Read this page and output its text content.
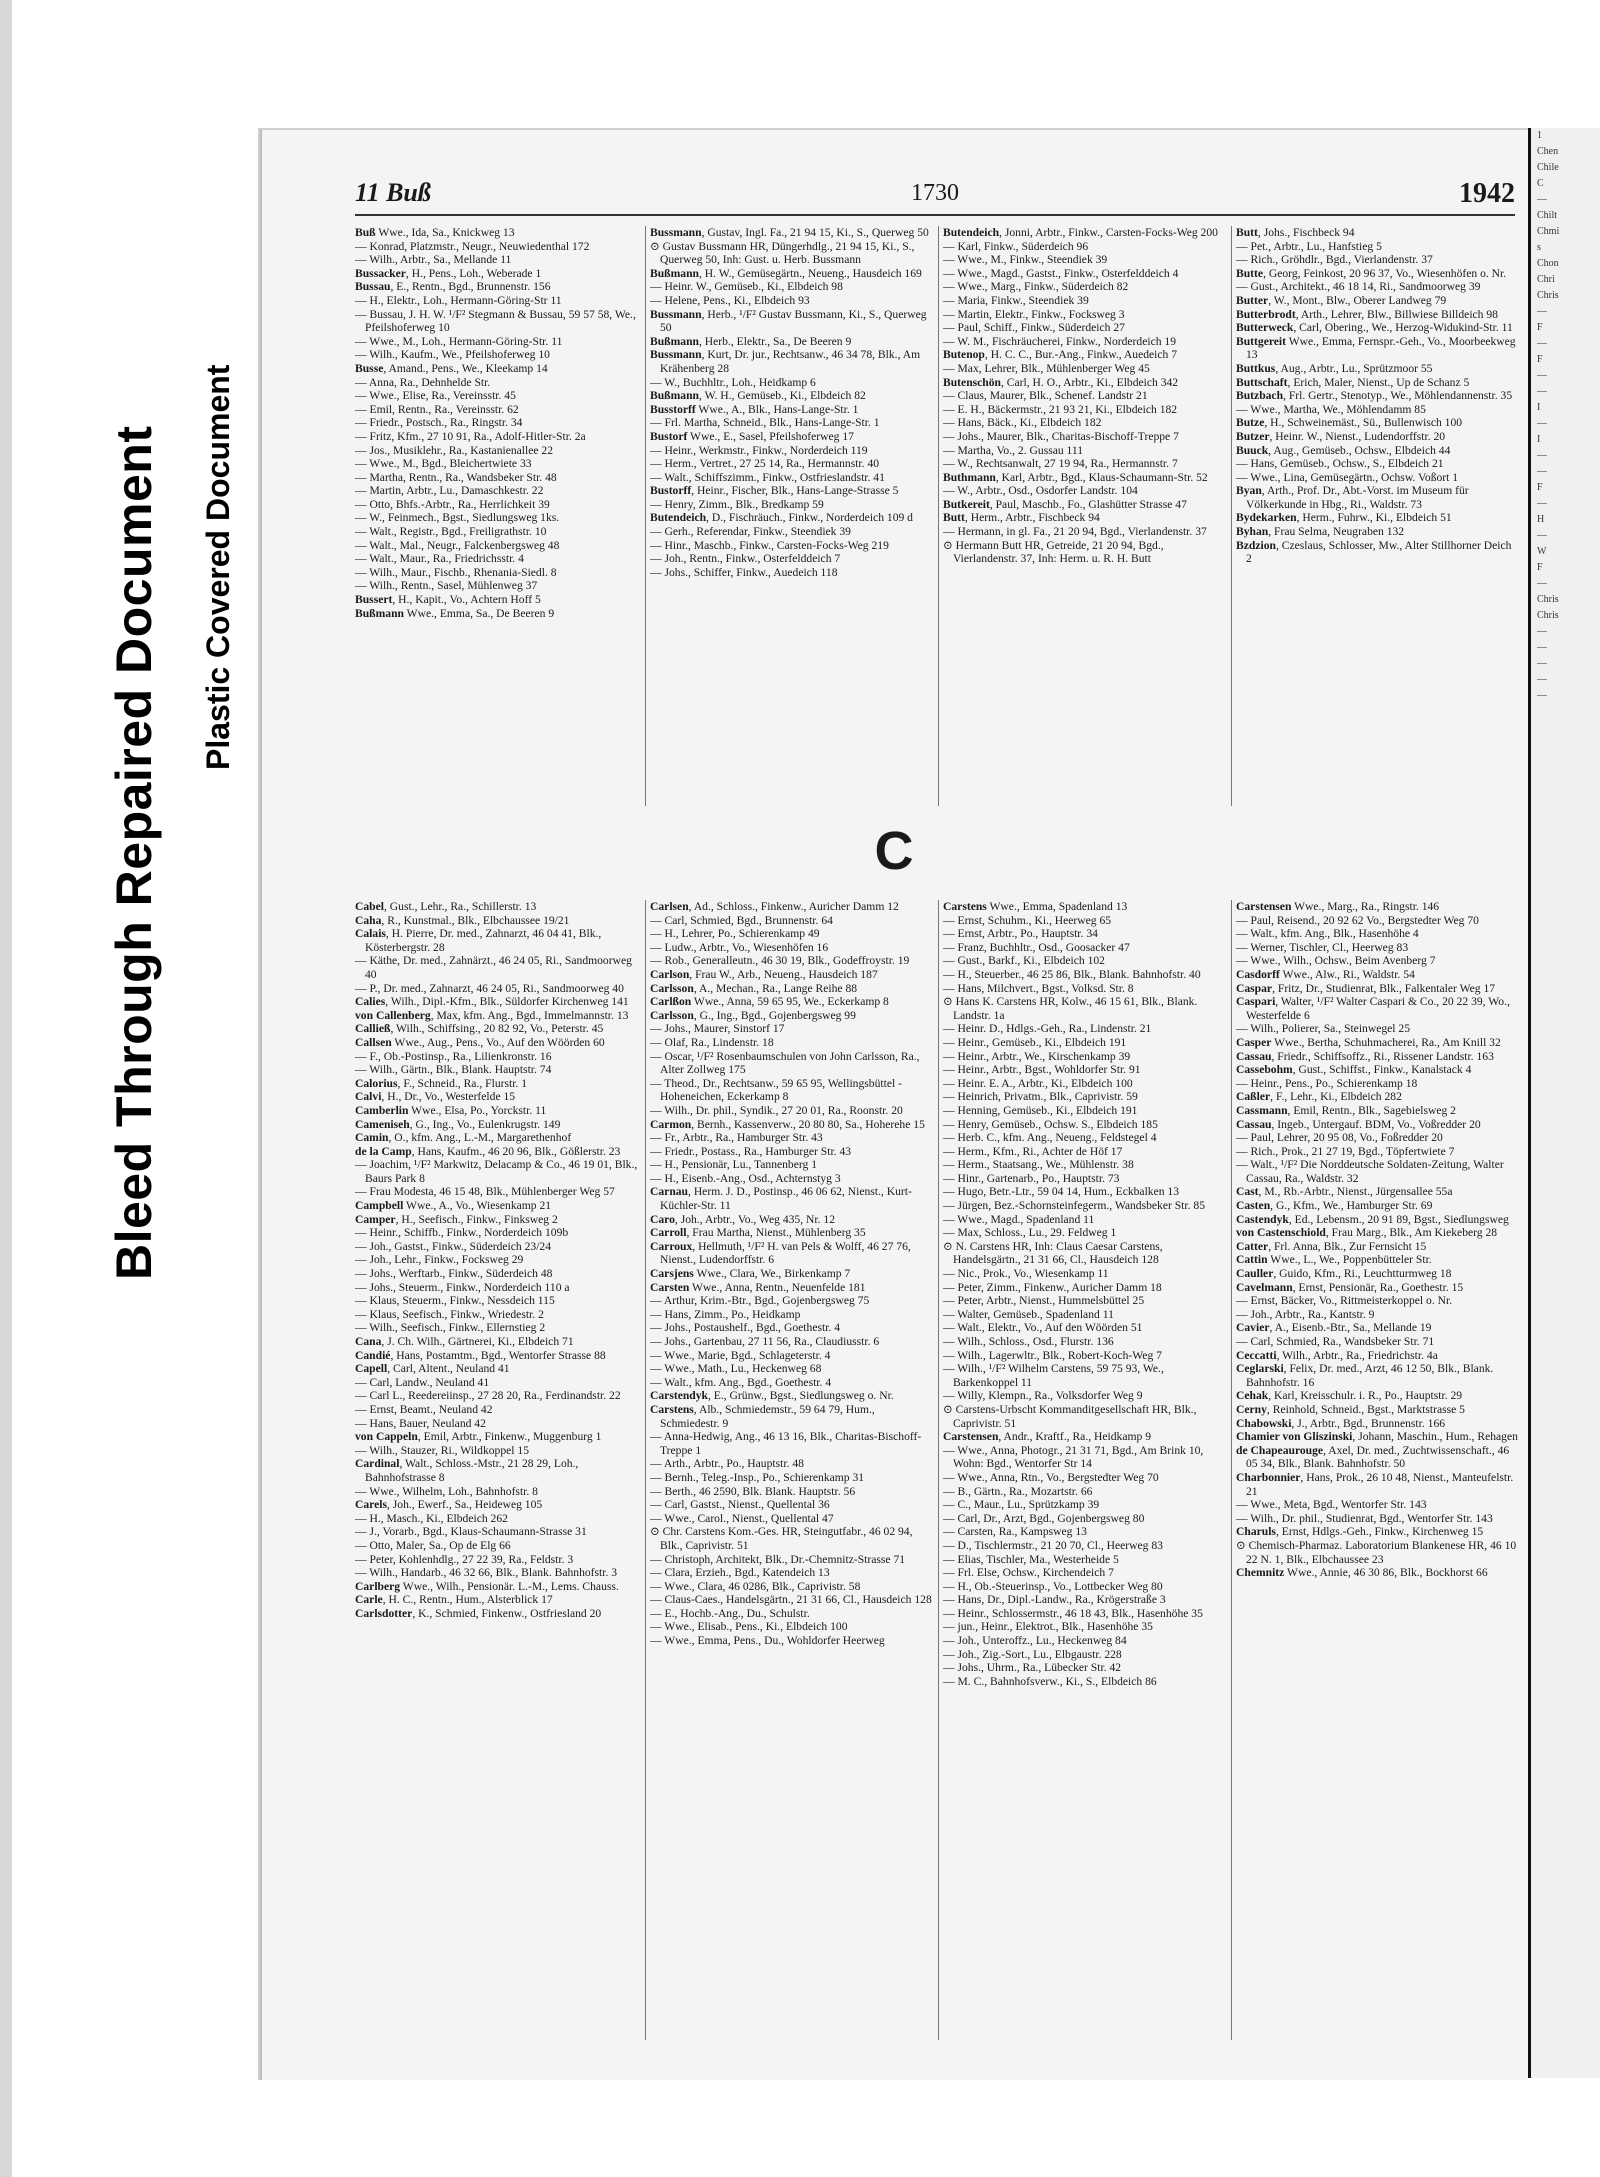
Bleed Through Repaired Document Plastic Covered Document
11 Buß	1730	1942

Buß Wwe., Ida, Sa., Knickweg 13

— Konrad, Platzmstr., Neugr., Neuwiedenthal 172

— Wilh., Arbtr., Sa., Mellande 11

Bussacker, H., Pens., Loh., Weberade 1

Bussau, E., Rentn., Bgd., Brunnenstr. 156

— H., Elektr., Loh., Hermann-Göring-Str 11

— Bussau, J. H. W. ¹/F² Stegmann & Bussau, 59 57 58, We., Pfeilshoferweg 10

— Wwe., M., Loh., Hermann-Göring-Str. 11

— Wilh., Kaufm., We., Pfeilshoferweg 10

Busse, Amand., Pens., We., Kleekamp 14

— Anna, Ra., Dehnhelde Str.

— Wwe., Elise, Ra., Vereinsstr. 45

— Emil, Rentn., Ra., Vereinsstr. 62

— Friedr., Postsch., Ra., Ringstr. 34

— Fritz, Kfm., 27 10 91, Ra., Adolf-Hitler-Str. 2a

— Jos., Musiklehr., Ra., Kastanienallee 22

— Wwe., M., Bgd., Bleichertwiete 33

— Martha, Rentn., Ra., Wandsbeker Str. 48

— Martin, Arbtr., Lu., Damaschkestr. 22

— Otto, Bhfs.-Arbtr., Ra., Herrlichkeit 39

— W., Feinmech., Bgst., Siedlungsweg 1ks.

— Walt., Registr., Bgd., Freiligrathstr. 10

— Walt., Mal., Neugr., Falckenbergsweg 48

— Walt., Maur., Ra., Friedrichsstr. 4

— Wilh., Maur., Fischb., Rhenania-Siedl. 8

— Wilh., Rentn., Sasel, Mühlenweg 37

Bussert, H., Kapit., Vo., Achtern Hoff 5

Bußmann Wwe., Emma, Sa., De Beeren 9

Bussmann, Gustav, Ingl. Fa., 21 94 15, Ki., S., Querweg 50

⊙ Gustav Bussmann HR, Düngerhdlg., 21 94 15, Ki., S., Querweg 50, Inh: Gust. u. Herb. Bussmann

Bußmann, H. W., Gemüsegärtn., Neueng., Hausdeich 169

— Heinr. W., Gemüseb., Ki., Elbdeich 98

— Helene, Pens., Ki., Elbdeich 93

Bussmann, Herb., ¹/F² Gustav Bussmann, Ki., S., Querweg 50

Bußmann, Herb., Elektr., Sa., De Beeren 9

Bussmann, Kurt, Dr. jur., Rechtsanw., 46 34 78, Blk., Am Krähenberg 28

— W., Buchhltr., Loh., Heidkamp 6

Bußmann, W. H., Gemüseb., Ki., Elbdeich 82

Busstorff Wwe., A., Blk., Hans-Lange-Str. 1

— Frl. Martha, Schneid., Blk., Hans-Lange-Str. 1

Bustorf Wwe., E., Sasel, Pfeilshoferweg 17

— Heinr., Werkmstr., Finkw., Norderdeich 119

— Herm., Vertret., 27 25 14, Ra., Hermannstr. 40

— Walt., Schiffszimm., Finkw., Ostfrieslandstr. 41

Bustorff, Heinr., Fischer, Blk., Hans-Lange-Strasse 5

— Henry, Zimm., Blk., Bredkamp 59

Butendeich, D., Fischräuch., Finkw., Norderdeich 109 d

— Gerh., Referendar, Finkw., Steendiek 39

— Hinr., Maschb., Finkw., Carsten-Focks-Weg 219

— Joh., Rentn., Finkw., Osterfelddeich 7

— Johs., Schiffer, Finkw., Auedeich 118

Butendeich, Jonni, Arbtr., Finkw., Carsten-Focks-Weg 200

— Karl, Finkw., Süderdeich 96

— Wwe., M., Finkw., Steendiek 39

— Wwe., Magd., Gastst., Finkw., Osterfelddeich 4

— Wwe., Marg., Finkw., Süderdeich 82

— Maria, Finkw., Steendiek 39

— Martin, Elektr., Finkw., Focksweg 3

— Paul, Schiff., Finkw., Süderdeich 27

— W. M., Fischräucherei, Finkw., Norderdeich 19

Butenop, H. C. C., Bur.-Ang., Finkw., Auedeich 7

— Max, Lehrer, Blk., Mühlenberger Weg 45

Butenschön, Carl, H. O., Arbtr., Ki., Elbdeich 342

— Claus, Maurer, Blk., Schenef. Landstr 21

— E. H., Bäckermstr., 21 93 21, Ki., Elbdeich 182

— Hans, Bäck., Ki., Elbdeich 182

— Johs., Maurer, Blk., Charitas-Bischoff-Treppe 7

— Martha, Vo., 2. Gussau 111

— W., Rechtsanwalt, 27 19 94, Ra., Hermannstr. 7

Buthmann, Karl, Arbtr., Bgd., Klaus-Schaumann-Str. 52

— W., Arbtr., Osd., Osdorfer Landstr. 104

Butkereit, Paul, Maschb., Fo., Glashütter Strasse 47

Butt, Herm., Arbtr., Fischbeck 94

— Hermann, in gl. Fa., 21 20 94, Bgd., Vierlandenstr. 37

⊙ Hermann Butt HR, Getreide, 21 20 94, Bgd., Vierlandenstr. 37, Inh: Herm. u. R. H. Butt

Butt, Johs., Fischbeck 94

— Pet., Arbtr., Lu., Hanfstieg 5

— Rich., Gröhdlr., Bgd., Vierlandenstr. 37

Butte, Georg, Feinkost, 20 96 37, Vo., Wiesenhöfen o. Nr.

— Gust., Architekt., 46 18 14, Ri., Sandmoorweg 39

Butter, W., Mont., Blw., Oberer Landweg 79

Butterbrodt, Arth., Lehrer, Blw., Billwiese Billdeich 98

Butterweck, Carl, Obering., We., Herzog-Widukind-Str. 11

Buttgereit Wwe., Emma, Fernspr.-Geh., Vo., Moorbeekweg 13

Buttkus, Aug., Arbtr., Lu., Sprützmoor 55

Buttschaft, Erich, Maler, Nienst., Up de Schanz 5

Butzbach, Frl. Gertr., Stenotyp., We., Möhlendannenstr. 35

— Wwe., Martha, We., Möhlendamm 85

Butze, H., Schweinemäst., Sü., Bullenwisch 100

Butzer, Heinr. W., Nienst., Ludendorffstr. 20

Buuck, Aug., Gemüseb., Ochsw., Elbdeich 44

— Hans, Gemüseb., Ochsw., S., Elbdeich 21

— Wwe., Lina, Gemüsegärtn., Ochsw. Voßort 1

Byan, Arth., Prof. Dr., Abt.-Vorst. im Museum für Völkerkunde in Hbg., Ri., Waldstr. 73

Bydekarken, Herm., Fuhrw., Ki., Elbdeich 51

Byhan, Frau Selma, Neugraben 132

Bzdzion, Czeslaus, Schlosser, Mw., Alter Stillhorner Deich 2

C

Cabel, Gust., Lehr., Ra., Schillerstr. 13

Caha, R., Kunstmal., Blk., Elbchaussee 19/21

Calais, H. Pierre, Dr. med., Zahnarzt, 46 04 41, Blk., Kösterbergstr. 28

— Käthe, Dr. med., Zahnärzt., 46 24 05, Ri., Sandmoorweg 40

— P., Dr. med., Zahnarzt, 46 24 05, Ri., Sandmoorweg 40

Calies, Wilh., Dipl.-Kfm., Blk., Süldorfer Kirchenweg 141

von Callenberg, Max, kfm. Ang., Bgd., Immelmannstr. 13

Calließ, Wilh., Schiffsing., 20 82 92, Vo., Peterstr. 45

Callsen Wwe., Aug., Pens., Vo., Auf den Wöörden 60

— F., Ob.-Postinsp., Ra., Lilienkronstr. 16

— Wilh., Gärtn., Blk., Blank. Hauptstr. 74

Calorius, F., Schneid., Ra., Flurstr. 1

Calvi, H., Dr., Vo., Westerfelde 15

Camberlin Wwe., Elsa, Po., Yorckstr. 11

Cameniseh, G., Ing., Vo., Eulenkrugstr. 149

Camin, O., kfm. Ang., L.-M., Margarethenhof

de la Camp, Hans, Kaufm., 46 20 96, Blk., Gößlerstr. 23

— Joachim, ¹/F² Markwitz, Delacamp & Co., 46 19 01, Blk., Baurs Park 8

— Frau Modesta, 46 15 48, Blk., Mühlenberger Weg 57

Campbell Wwe., A., Vo., Wiesenkamp 21

Camper, H., Seefisch., Finkw., Finksweg 2

— Heinr., Schiffb., Finkw., Norderdeich 109b

— Joh., Gastst., Finkw., Süderdeich 23/24

— Joh., Lehr., Finkw., Focksweg 29

— Johs., Werftarb., Finkw., Süderdeich 48

— Johs., Steuerm., Finkw., Norderdeich 110 a

— Klaus, Steuerm., Finkw., Nessdeich 115

— Klaus, Seefisch., Finkw., Wriedestr. 2

— Wilh., Seefisch., Finkw., Ellernstieg 2

Cana, J. Ch. Wilh., Gärtnerei, Ki., Elbdeich 71

Candié, Hans, Postamtm., Bgd., Wentorfer Strasse 88

Capell, Carl, Altent., Neuland 41

— Carl, Landw., Neuland 41

— Carl L., Reedereiinsp., 27 28 20, Ra., Ferdinandstr. 22

— Ernst, Beamt., Neuland 42

— Hans, Bauer, Neuland 42

von Cappeln, Emil, Arbtr., Finkenw., Muggenburg 1

— Wilh., Stauzer, Ri., Wildkoppel 15

Cardinal, Walt., Schloss.-Mstr., 21 28 29, Loh., Bahnhofstrasse 8

— Wwe., Wilhelm, Loh., Bahnhofstr. 8

Carels, Joh., Ewerf., Sa., Heideweg 105

— H., Masch., Ki., Elbdeich 262

— J., Vorarb., Bgd., Klaus-Schaumann-Strasse 31

— Otto, Maler, Sa., Op de Elg 66

— Peter, Kohlenhdlg., 27 22 39, Ra., Feldstr. 3

— Wilh., Handarb., 46 32 66, Blk., Blank. Bahnhofstr. 3

Carlberg Wwe., Wilh., Pensionär. L.-M., Lems. Chauss.

Carle, H. C., Rentn., Hum., Alsterblick 17

Carlsdotter, K., Schmied, Finkenw., Ostfriesland 20

Carlsen, Ad., Schloss., Finkenw., Auricher Damm 12

— Carl, Schmied, Bgd., Brunnenstr. 64

— H., Lehrer, Po., Schierenkamp 49

— Ludw., Arbtr., Vo., Wiesenhöfen 16

— Rob., Generalleutn., 46 30 19, Blk., Godeffroystr. 19

Carlson, Frau W., Arb., Neueng., Hausdeich 187

Carlsson, A., Mechan., Ra., Lange Reihe 88

Carlßon Wwe., Anna, 59 65 95, We., Eckerkamp 8

Carlsson, G., Ing., Bgd., Gojenbergsweg 99

— Johs., Maurer, Sinstorf 17

— Olaf, Ra., Lindenstr. 18

— Oscar, ¹/F² Rosenbaumschulen von John Carlsson, Ra., Alter Zollweg 175

— Theod., Dr., Rechtsanw., 59 65 95, Wellingsbüttel - Hoheneichen, Eckerkamp 8

— Wilh., Dr. phil., Syndik., 27 20 01, Ra., Roonstr. 20

Carmon, Bernh., Kassenverw., 20 80 80, Sa., Hoherehe 15

— Fr., Arbtr., Ra., Hamburger Str. 43

— Friedr., Postass., Ra., Hamburger Str. 43

— H., Pensionär, Lu., Tannenberg 1

— H., Eisenb.-Ang., Osd., Achternstyg 3

Carnau, Herm. J. D., Postinsp., 46 06 62, Nienst., Kurt-Küchler-Str. 11

Caro, Joh., Arbtr., Vo., Weg 435, Nr. 12

Carroll, Frau Martha, Nienst., Mühlenberg 35

Carroux, Hellmuth, ¹/F² H. van Pels & Wolff, 46 27 76, Nienst., Ludendorffstr. 6

Carsjens Wwe., Clara, We., Birkenkamp 7

Carsten Wwe., Anna, Rentn., Neuenfelde 181

— Arthur, Krim.-Btr., Bgd., Gojenbergsweg 75

— Hans, Zimm., Po., Heidkamp

— Johs., Postaushelf., Bgd., Goethestr. 4

— Johs., Gartenbau, 27 11 56, Ra., Claudiusstr. 6

— Wwe., Marie, Bgd., Schlageterstr. 4

— Wwe., Math., Lu., Heckenweg 68

— Walt., kfm. Ang., Bgd., Goethestr. 4

Carstendyk, E., Grünw., Bgst., Siedlungsweg o. Nr.

Carstens, Alb., Schmiedemstr., 59 64 79, Hum., Schmiedestr. 9

— Anna-Hedwig, Ang., 46 13 16, Blk., Charitas-Bischoff-Treppe 1

— Arth., Arbtr., Po., Hauptstr. 48

— Bernh., Teleg.-Insp., Po., Schierenkamp 31

— Berth., 46 2590, Blk. Blank. Hauptstr. 56

— Carl, Gastst., Nienst., Quellental 36

— Wwe., Carol., Nienst., Quellental 47

⊙ Chr. Carstens Kom.-Ges. HR, Steingutfabr., 46 02 94, Blk., Caprivistr. 51

— Christoph, Architekt, Blk., Dr.-Chemnitz-Strasse 71

— Clara, Erzieh., Bgd., Katendeich 13

— Wwe., Clara, 46 0286, Blk., Caprivistr. 58

— Claus-Caes., Handelsgärtn., 21 31 66, Cl., Hausdeich 128

— E., Hochb.-Ang., Du., Schulstr.

— Wwe., Elisab., Pens., Ki., Elbdeich 100

— Wwe., Emma, Pens., Du., Wohldorfer Heerweg

Carstens Wwe., Emma, Spadenland 13

— Ernst, Schuhm., Ki., Heerweg 65

— Ernst, Arbtr., Po., Hauptstr. 34

— Franz, Buchhltr., Osd., Goosacker 47

— Gust., Barkf., Ki., Elbdeich 102

— H., Steuerber., 46 25 86, Blk., Blank. Bahnhofstr. 40

— Hans, Milchvert., Bgst., Volksd. Str. 8

⊙ Hans K. Carstens HR, Kolw., 46 15 61, Blk., Blank. Landstr. 1a

— Heinr. D., Hdlgs.-Geh., Ra., Lindenstr. 21

— Heinr., Gemüseb., Ki., Elbdeich 191

— Heinr., Arbtr., We., Kirschenkamp 39

— Heinr., Arbtr., Bgst., Wohldorfer Str. 91

— Heinr. E. A., Arbtr., Ki., Elbdeich 100

— Heinrich, Privatm., Blk., Caprivistr. 59

— Henning, Gemüseb., Ki., Elbdeich 191

— Henry, Gemüseb., Ochsw. S., Elbdeich 185

— Herb. C., kfm. Ang., Neueng., Feldstegel 4

— Herm., Kfm., Ri., Achter de Höf 17

— Herm., Staatsang., We., Mühlenstr. 38

— Hinr., Gartenarb., Po., Hauptstr. 73

— Hugo, Betr.-Ltr., 59 04 14, Hum., Eckbalken 13

— Jürgen, Bez.-Schornsteinfegerm., Wandsbeker Str. 85

— Wwe., Magd., Spadenland 11

— Max, Schloss., Lu., 29. Feldweg 1

⊙ N. Carstens HR, Inh: Claus Caesar Carstens, Handelsgärtn., 21 31 66, Cl., Hausdeich 128

— Nic., Prok., Vo., Wiesenkamp 11

— Peter, Zimm., Finkenw., Auricher Damm 18

— Peter, Arbtr., Nienst., Hummelsbüttel 25

— Walter, Gemüseb., Spadenland 11

— Walt., Elektr., Vo., Auf den Wöörden 51

— Wilh., Schloss., Osd., Flurstr. 136

— Wilh., Lagerwltr., Blk., Robert-Koch-Weg 7

— Wilh., ¹/F² Wilhelm Carstens, 59 75 93, We., Barkenkoppel 11

— Willy, Klempn., Ra., Volksdorfer Weg 9

⊙ Carstens-Urbscht Kommanditgesellschaft HR, Blk., Caprivistr. 51

Carstensen, Andr., Kraftf., Ra., Heidkamp 9

— Wwe., Anna, Photogr., 21 31 71, Bgd., Am Brink 10, Wohn: Bgd., Wentorfer Str 14

— Wwe., Anna, Rtn., Vo., Bergstedter Weg 70

— B., Gärtn., Ra., Mozartstr. 66

— C., Maur., Lu., Sprützkamp 39

— Carl, Dr., Arzt, Bgd., Gojenbergsweg 80

— Carsten, Ra., Kampsweg 13

— D., Tischlermstr., 21 20 70, Cl., Heerweg 83

— Elias, Tischler, Ma., Westerheide 5

— Frl. Else, Ochsw., Kirchendeich 7

— H., Ob.-Steuerinsp., Vo., Lottbecker Weg 80

— Hans, Dr., Dipl.-Landw., Ra., Krögerstraße 3

— Heinr., Schlossermstr., 46 18 43, Blk., Hasenhöhe 35

— jun., Heinr., Elektrot., Blk., Hasenhöhe 35

— Joh., Unteroffz., Lu., Heckenweg 84

— Joh., Zig.-Sort., Lu., Elbgaustr. 228

— Johs., Uhrm., Ra., Lübecker Str. 42

— M. C., Bahnhofsverw., Ki., S., Elbdeich 86

Carstensen Wwe., Marg., Ra., Ringstr. 146

— Paul, Reisend., 20 92 62 Vo., Bergstedter Weg 70

— Walt., kfm. Ang., Blk., Hasenhöhe 4

— Werner, Tischler, Cl., Heerweg 83

— Wwe., Wilh., Ochsw., Beim Avenberg 7

Casdorff Wwe., Alw., Ri., Waldstr. 54

Caspar, Fritz, Dr., Studienrat, Blk., Falkentaler Weg 17

Caspari, Walter, ¹/F² Walter Caspari & Co., 20 22 39, Wo., Westerfelde 6

— Wilh., Polierer, Sa., Steinwegel 25

Casper Wwe., Bertha, Schuhmacherei, Ra., Am Knill 32

Cassau, Friedr., Schiffsoffz., Ri., Rissener Landstr. 163

Cassebohm, Gust., Schiffst., Finkw., Kanalstack 4

— Heinr., Pens., Po., Schierenkamp 18

Caßler, F., Lehr., Ki., Elbdeich 282

Cassmann, Emil, Rentn., Blk., Sagebielsweg 2

Cassau, Ingeb., Untergauf. BDM, Vo., Voßredder 20

— Paul, Lehrer, 20 95 08, Vo., Foßredder 20

— Rich., Prok., 21 27 19, Bgd., Töpfertwiete 7

— Walt., ¹/F² Die Norddeutsche Soldaten-Zeitung, Walter Cassau, Ra., Waldstr. 32

Cast, M., Rb.-Arbtr., Nienst., Jürgensallee 55a

Casten, G., Kfm., We., Hamburger Str. 69

Castendyk, Ed., Lebensm., 20 91 89, Bgst., Siedlungsweg

von Castenschiold, Frau Marg., Blk., Am Kiekeberg 28

Catter, Frl. Anna, Blk., Zur Fernsicht 15

Cattin Wwe., L., We., Poppenbütteler Str.

Cauller, Guido, Kfm., Ri., Leuchtturmweg 18

Cavelmann, Ernst, Pensionär, Ra., Goethestr. 15

— Ernst, Bäcker, Vo., Rittmeisterkoppel o. Nr.

— Joh., Arbtr., Ra., Kantstr. 9

Cavier, A., Eisenb.-Btr., Sa., Mellande 19

— Carl, Schmied, Ra., Wandsbeker Str. 71

Ceccatti, Wilh., Arbtr., Ra., Friedrichstr. 4a

Ceglarski, Felix, Dr. med., Arzt, 46 12 50, Blk., Blank. Bahnhofstr. 16

Cehak, Karl, Kreisschulr. i. R., Po., Hauptstr. 29

Cerny, Reinhold, Schneid., Bgst., Marktstrasse 5

Chabowski, J., Arbtr., Bgd., Brunnenstr. 166

Chamier von Gliszinski, Johann, Maschin., Hum., Rehagen

de Chapeaurouge, Axel, Dr. med., Zuchtwissenschaft., 46 05 34, Blk., Blank. Bahnhofstr. 50

Charbonnier, Hans, Prok., 26 10 48, Nienst., Manteufelstr. 21

— Wwe., Meta, Bgd., Wentorfer Str. 143

— Wilh., Dr. phil., Studienrat, Bgd., Wentorfer Str. 143

Charuls, Ernst, Hdlgs.-Geh., Finkw., Kirchenweg 15

⊙ Chemisch-Pharmaz. Laboratorium Blankenese HR, 46 10 22 N. 1, Blk., Elbchaussee 23

Chemnitz Wwe., Annie, 46 30 86, Blk., Bockhorst 66

1
Chen
Chile
C
—
Chilt
Chmi
s
Chon
Chri
Chris
—
F
—
F
—
—
I
—
I
—
—
F
—
H
—
W
F
—
Chris
Chris
—
—
—
—
—
